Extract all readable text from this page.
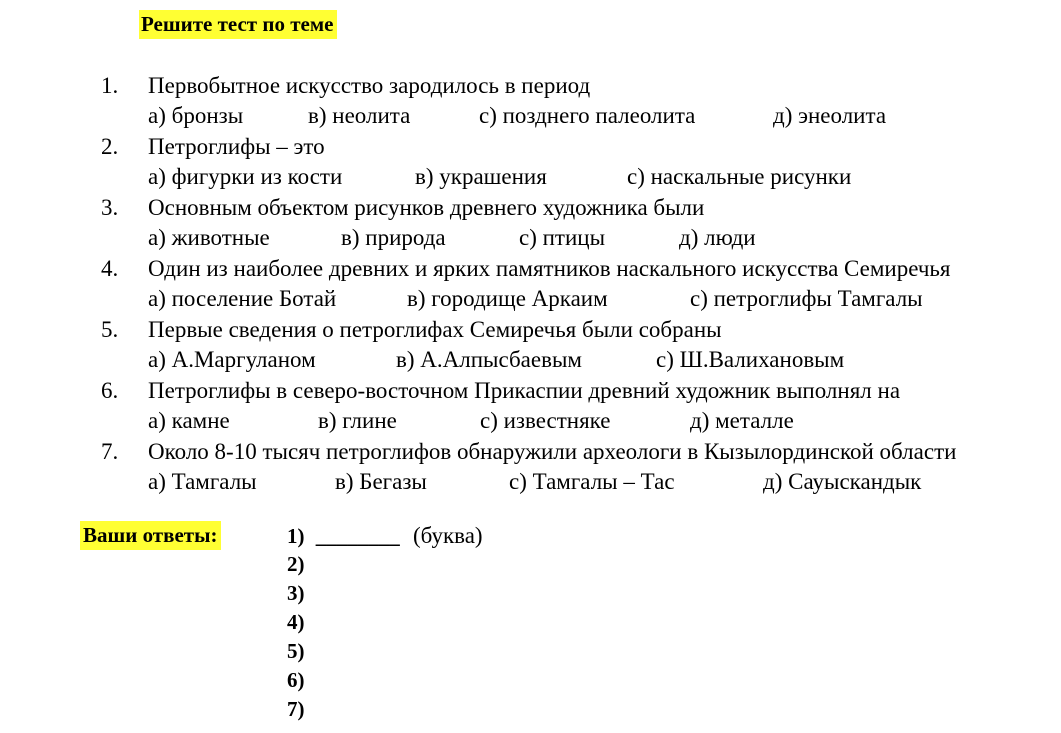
Решите тест по теме
1. Первобытное искусство зародилось в период
а) бронзы	в) неолита	с) позднего палеолита	д) энеолита
2. Петроглифы – это
а) фигурки из кости	в) украшения	с) наскальные рисунки
3. Основным объектом рисунков древнего художника были
а) животные	в) природа	с) птицы	д) люди
4. Один из наиболее древних и ярких памятников наскального искусства Семиречья
а) поселение Ботай	в) городище Аркаим	с) петроглифы Тамгалы
5. Первые сведения о петроглифах Семиречья были собраны
а) А.Маргуланом	в) А.Алпысбаевым	с) Ш.Валихановым
6. Петроглифы в северо-восточном Прикаспии древний художник выполнял на
а) камне	в) глине	с) известняке	д) металле
7. Около 8-10 тысяч петроглифов обнаружили археологи в Кызылординской области
а) Тамгалы	в) Бегазы	с) Тамгалы – Тас	д) Сауыскандык
Ваши ответы:	1) ________ (буква)
2)
3)
4)
5)
6)
7)
